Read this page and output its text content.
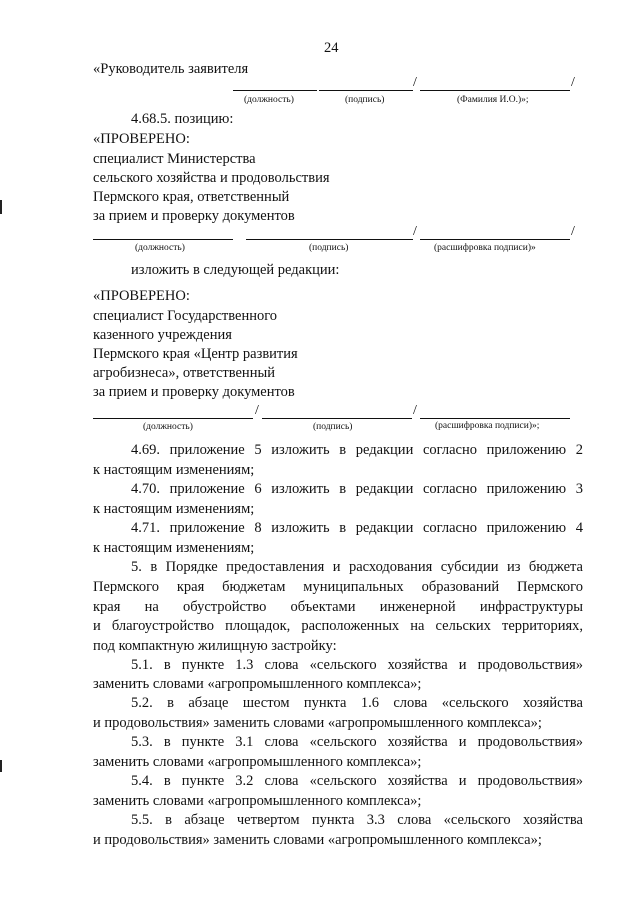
24
«Руководитель заявителя
/	/
(должность)	(подпись)	(Фамилия И.О.)»;
4.68.5. позицию:
«ПРОВЕРЕНО:
специалист Министерства
сельского хозяйства и продовольствия
Пермского края, ответственный
за прием и проверку документов
/	/
(должность)	(подпись)	(расшифровка подписи)»
изложить в следующей редакции:
«ПРОВЕРЕНО:
специалист Государственного
казенного учреждения
Пермского края «Центр развития
агробизнеса», ответственный
за прием и проверку документов
/	/
(должность)	(подпись)	(расшифровка подписи)»;
4.69. приложение 5 изложить в редакции согласно приложению 2
к настоящим изменениям;
4.70. приложение 6 изложить в редакции согласно приложению 3
к настоящим изменениям;
4.71. приложение 8 изложить в редакции согласно приложению 4
к настоящим изменениям;
5. в Порядке предоставления и расходования субсидии из бюджета
Пермского края бюджетам муниципальных образований Пермского
края на обустройство объектами инженерной инфраструктуры
и благоустройство площадок, расположенных на сельских территориях,
под компактную жилищную застройку:
5.1. в пункте 1.3 слова «сельского хозяйства и продовольствия»
заменить словами «агропромышленного комплекса»;
5.2. в абзаце шестом пункта 1.6 слова «сельского хозяйства
и продовольствия» заменить словами «агропромышленного комплекса»;
5.3. в пункте 3.1 слова «сельского хозяйства и продовольствия»
заменить словами «агропромышленного комплекса»;
5.4. в пункте 3.2 слова «сельского хозяйства и продовольствия»
заменить словами «агропромышленного комплекса»;
5.5. в абзаце четвертом пункта 3.3 слова «сельского хозяйства
и продовольствия» заменить словами «агропромышленного комплекса»;
